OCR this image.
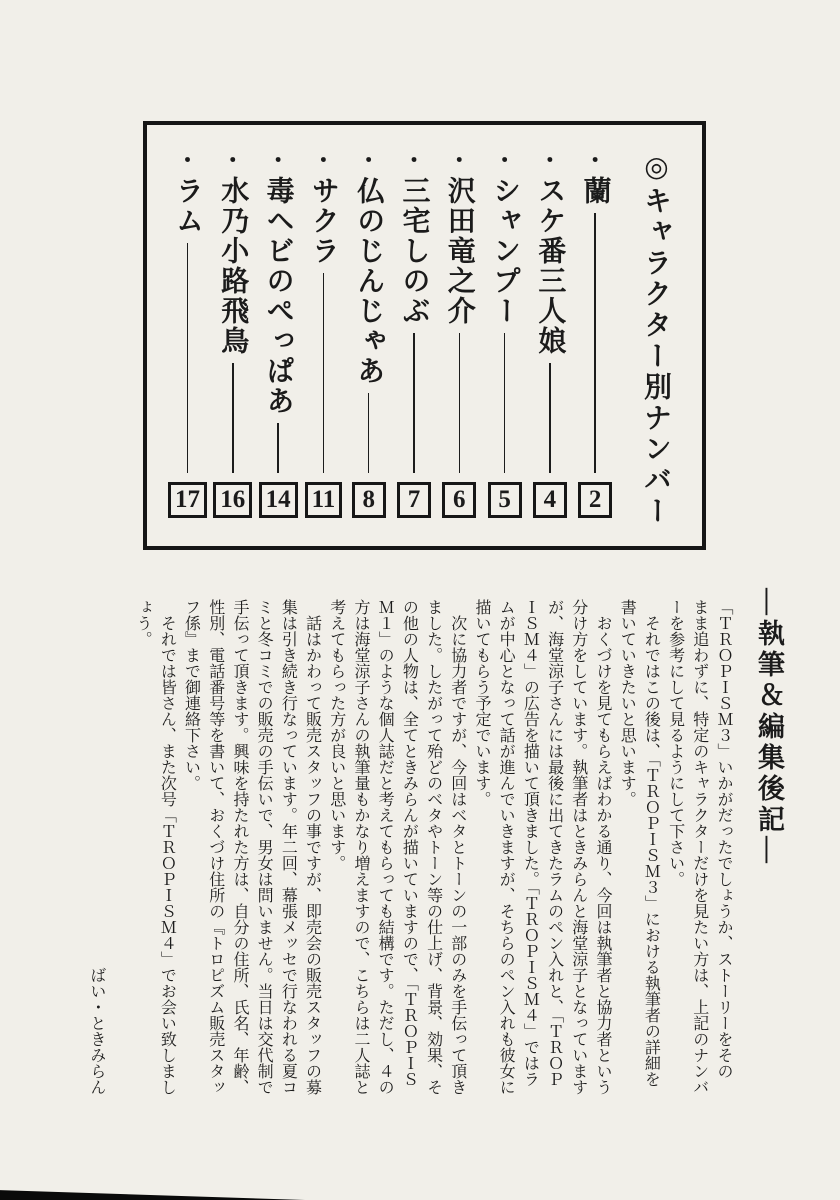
◎キャラクター別ナンバー
・
蘭
2
・
スケ番三人娘
4
・
シャンプー
5
・
沢田竜之介
6
・
三宅しのぶ
7
・
仏のじんじゃあ
8
・
サクラ
11
・
毒ヘビのぺっぱあ
14
・
水乃小路飛鳥
16
・
ラム
17
―執筆＆編集後記―
「ＴＲＯＰＩＳＭ３」いかがだったでしょうか、ストーリーをその
まま追わずに、特定のキャラクターだけを見たい方は、上記のナンバ
ーを参考にして見るようにして下さい。
　それではこの後は、「ＴＲＯＰＩＳＭ３」における執筆者の詳細を
書いていきたいと思います。
　おくづけを見てもらえばわかる通り、今回は執筆者と協力者という
分け方をしています。執筆者はときみらんと海堂涼子となっています
が、海堂涼子さんには最後に出てきたラムのペン入れと、「ＴＲＯＰ
ＩＳＭ４」の広告を描いて頂きました。「ＴＲＯＰＩＳＭ４」ではラ
ムが中心となって話が進んでいきますが、そちらのペン入れも彼女に
描いてもらう予定でいます。
　次に協力者ですが、今回はベタとトーンの一部のみを手伝って頂き
ました。したがって殆どのベタやトーン等の仕上げ、背景、効果、そ
の他の人物は、全てときみらんが描いていますので、「ＴＲＯＰＩＳ
Ｍ１」のような個人誌だと考えてもらっても結構です。ただし、４の
方は海堂涼子さんの執筆量もかなり増えますので、こちらは二人誌と
考えてもらった方が良いと思います。
　話はかわって販売スタッフの事ですが、即売会の販売スタッフの募
集は引き続き行なっています。年二回、幕張メッセで行なわれる夏コ
ミと冬コミでの販売の手伝いで、男女は問いません。当日は交代制で
手伝って頂きます。興味を持たれた方は、自分の住所、氏名、年齢、
性別、電話番号等を書いて、おくづけ住所の『トロピズム販売スタッ
フ係』まで御連絡下さい。
　それでは皆さん、また次号「ＴＲＯＰＩＳＭ４」でお会い致しまし
ょう。
ばい・ときみらん
